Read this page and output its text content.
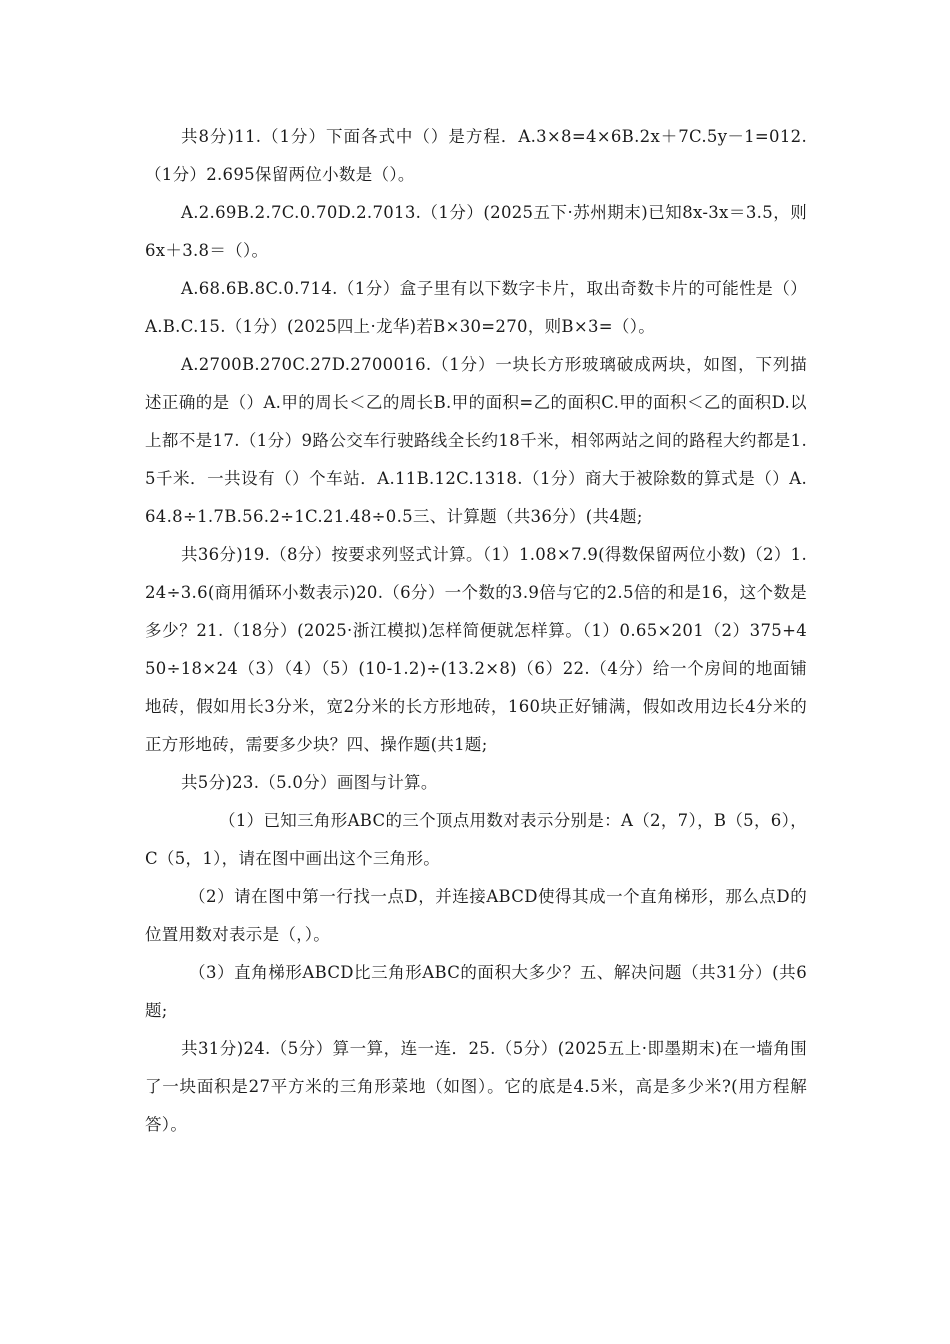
共8分)11.（1分）下面各式中（）是方程．A.3×8=4×6B.2x＋7C.5y－1=012.（1分）2.695保留两位小数是（）。

A.2.69B.2.7C.0.70D.2.7013.（1分）(2025五下·苏州期末)已知8x-3x＝3.5，则6x＋3.8＝（）。

A.68.6B.8C.0.714.（1分）盒子里有以下数字卡片，取出奇数卡片的可能性是（）A.B.C.15.（1分）(2025四上·龙华)若B×30=270，则B×3=（）。

A.2700B.270C.27D.2700016.（1分）一块长方形玻璃破成两块，如图，下列描述正确的是（）A.甲的周长＜乙的周长B.甲的面积=乙的面积C.甲的面积＜乙的面积D.以上都不是17.（1分）9路公交车行驶路线全长约18千米，相邻两站之间的路程大约都是1.5千米．一共设有（）个车站．A.11B.12C.1318.（1分）商大于被除数的算式是（）A.64.8÷1.7B.56.2÷1C.21.48÷0.5三、计算题（共36分）(共4题;

共36分)19.（8分）按要求列竖式计算。（1）1.08×7.9(得数保留两位小数)（2）1.24÷3.6(商用循环小数表示)20.（6分）一个数的3.9倍与它的2.5倍的和是16，这个数是多少？21.（18分）(2025·浙江模拟)怎样简便就怎样算。（1）0.65×201（2）375+450÷18×24（3）（4）（5）(10-1.2)÷(13.2×8)（6）22.（4分）给一个房间的地面铺地砖，假如用长3分米，宽2分米的长方形地砖，160块正好铺满，假如改用边长4分米的正方形地砖，需要多少块？四、操作题(共1题;

共5分)23.（5.0分）画图与计算。

（1）已知三角形ABC的三个顶点用数对表示分别是：A（2，7），B（5，6），C（5，1），请在图中画出这个三角形。

（2）请在图中第一行找一点D，并连接ABCD使得其成一个直角梯形，那么点D的位置用数对表示是（，）。

（3）直角梯形ABCD比三角形ABC的面积大多少？五、解决问题（共31分）(共6题;

共31分)24.（5分）算一算，连一连．25.（5分）(2025五上·即墨期末)在一墙角围了一块面积是27平方米的三角形菜地（如图）。它的底是4.5米，高是多少米?(用方程解答）。
